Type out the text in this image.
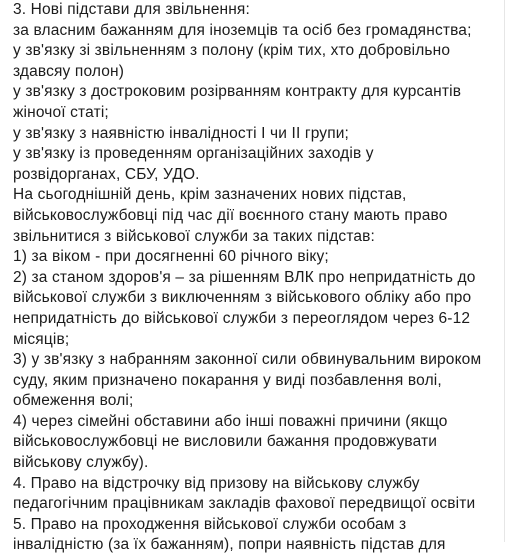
3. Нові підстави для звільнення:
за власним бажанням для іноземців та осіб без громадянства;
у зв'язку зі звільненням з полону (крім тих, хто добровільно
здавсяу полон)
у зв'язку з достроковим розірванням контракту для курсантів
жіночої статі;
у зв'язку з наявністю інвалідності І чи ІІ групи;
у зв'язку із проведенням організаційних заходів у
розвідорганах, СБУ, УДО.
На сьогоднішній день, крім зазначених нових підстав,
військовослужбовці під час дії воєнного стану мають право
звільнитися з військової служби за таких підстав:
1) за віком - при досягненні 60 річного віку;
2) за станом здоров'я – за рішенням ВЛК про непридатність до
військової служби з виключенням з військового обліку або про
непридатність до військової служби з переоглядом через 6-12
місяців;
3) у зв'язку з набранням законної сили обвинувальним вироком
суду, яким призначено покарання у виді позбавлення волі,
обмеження волі;
4) через сімейні обставини або інші поважні причини (якщо
військовослужбовці не висловили бажання продовжувати
військову службу).
4. Право на відстрочку від призову на військову службу
педагогічним працівникам закладів фахової передвищої освіти
5. Право на проходження військової служби особам з
інвалідністю (за їх бажанням), попри наявність підстав для
